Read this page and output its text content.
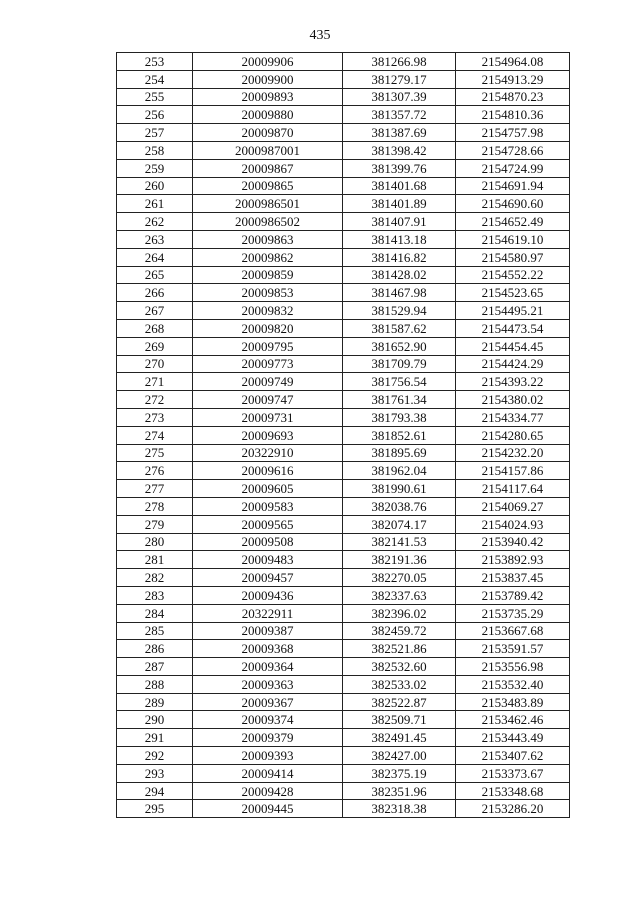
435
253	20009906	381266.98	2154964.08
254	20009900	381279.17	2154913.29
255	20009893	381307.39	2154870.23
256	20009880	381357.72	2154810.36
257	20009870	381387.69	2154757.98
258	2000987001	381398.42	2154728.66
259	20009867	381399.76	2154724.99
260	20009865	381401.68	2154691.94
261	2000986501	381401.89	2154690.60
262	2000986502	381407.91	2154652.49
263	20009863	381413.18	2154619.10
264	20009862	381416.82	2154580.97
265	20009859	381428.02	2154552.22
266	20009853	381467.98	2154523.65
267	20009832	381529.94	2154495.21
268	20009820	381587.62	2154473.54
269	20009795	381652.90	2154454.45
270	20009773	381709.79	2154424.29
271	20009749	381756.54	2154393.22
272	20009747	381761.34	2154380.02
273	20009731	381793.38	2154334.77
274	20009693	381852.61	2154280.65
275	20322910	381895.69	2154232.20
276	20009616	381962.04	2154157.86
277	20009605	381990.61	2154117.64
278	20009583	382038.76	2154069.27
279	20009565	382074.17	2154024.93
280	20009508	382141.53	2153940.42
281	20009483	382191.36	2153892.93
282	20009457	382270.05	2153837.45
283	20009436	382337.63	2153789.42
284	20322911	382396.02	2153735.29
285	20009387	382459.72	2153667.68
286	20009368	382521.86	2153591.57
287	20009364	382532.60	2153556.98
288	20009363	382533.02	2153532.40
289	20009367	382522.87	2153483.89
290	20009374	382509.71	2153462.46
291	20009379	382491.45	2153443.49
292	20009393	382427.00	2153407.62
293	20009414	382375.19	2153373.67
294	20009428	382351.96	2153348.68
295	20009445	382318.38	2153286.20
